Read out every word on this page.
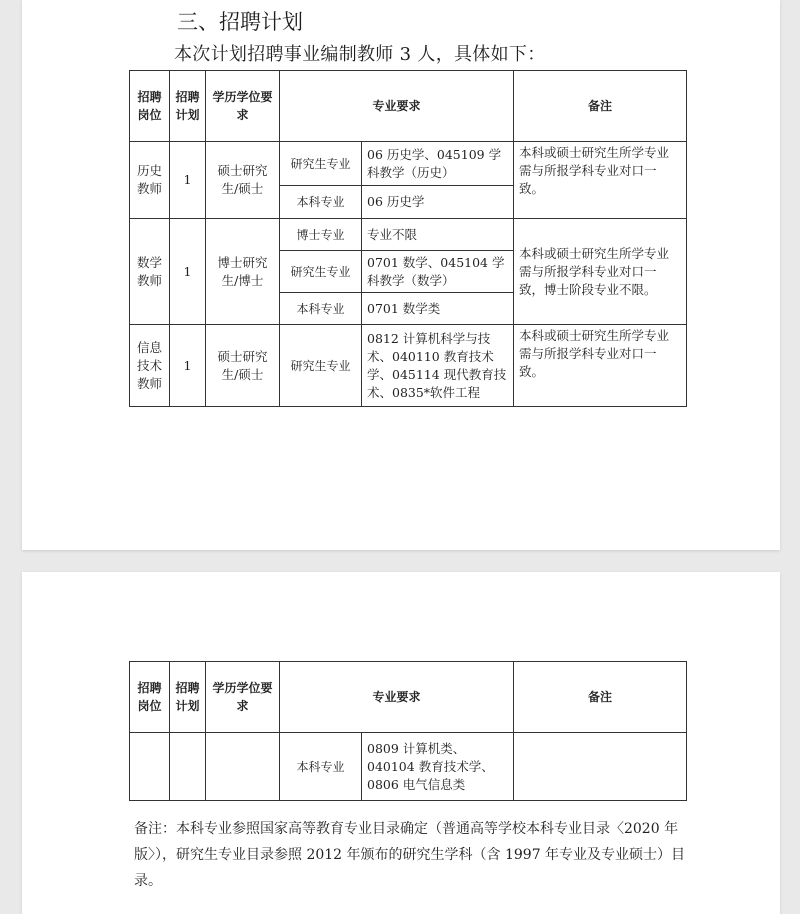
三、招聘计划
本次计划招聘事业编制教师 3 人，具体如下：
招聘岗位	招聘计划	学历学位要求	专业要求		备注
历史教师	1	硕士研究生/硕士	研究生专业	06 历史学、045109 学科教学（历史）	本科或硕士研究生所学专业需与所报学科专业对口一致。
			本科专业	06 历史学	
数学教师	1	博士研究生/博士	博士专业	专业不限	本科或硕士研究生所学专业需与所报学科专业对口一致，博士阶段专业不限。
			研究生专业	0701 数学、045104 学科教学（数学）	
			本科专业	0701 数学类	
信息技术教师	1	硕士研究生/硕士	研究生专业	0812 计算机科学与技术、040110 教育技术学、045114 现代教育技术、0835*软件工程	本科或硕士研究生所学专业需与所报学科专业对口一致。
招聘岗位	招聘计划	学历学位要求	专业要求		备注
			本科专业	0809 计算机类、040104 教育技术学、0806 电气信息类	
备注：本科专业参照国家高等教育专业目录确定（普通高等学校本科专业目录〈2020 年版〉），研究生专业目录参照 2012 年颁布的研究生学科（含 1997 年专业及专业硕士）目录。
